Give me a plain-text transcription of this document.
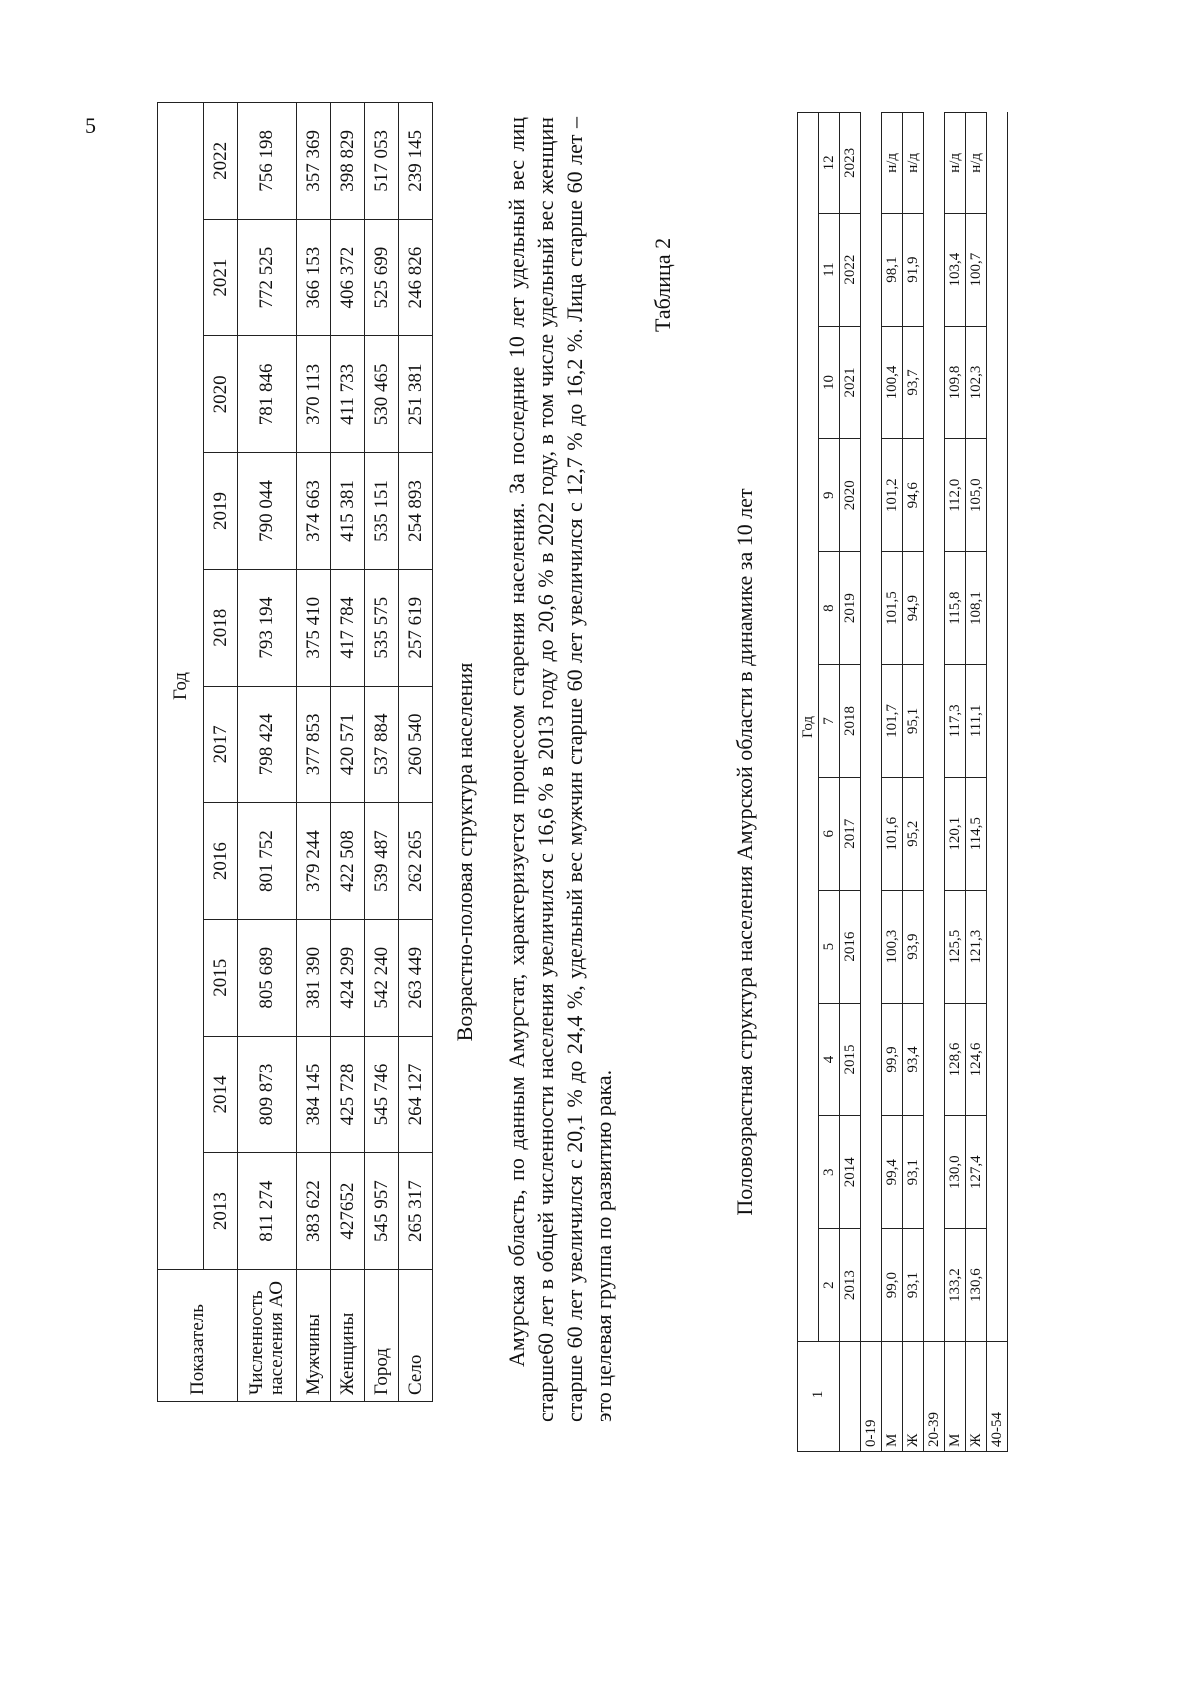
5
Показатель	Год									
	2013	2014	2015	2016	2017	2018	2019	2020	2021	2022
Численность населения АО	811 274	809 873	805 689	801 752	798 424	793 194	790 044	781 846	772 525	756 198
Мужчины	383 622	384 145	381 390	379 244	377 853	375 410	374 663	370 113	366 153	357 369
Женщины	427652	425 728	424 299	422 508	420 571	417 784	415 381	411 733	406 372	398 829
Город	545 957	545 746	542 240	539 487	537 884	535 575	535 151	530 465	525 699	517 053
Село	265 317	264 127	263 449	262 265	260 540	257 619	254 893	251 381	246 826	239 145
Возрастно-половая структура населения Амурская область, по данным Амурстат, характеризуется процессом старения населения. За последние 10 лет удельный вес лиц старше60 лет в общей численности населения увеличился с 16,6 % в 2013 году до 20,6 % в 2022 году, в том числе удельный вес женщин старше 60 лет увеличился с 20,1 % до 24,4 %, удельный вес мужчин старше 60 лет увеличился с 12,7 % до 16,2 %. Лица старше 60 лет – это целевая группа по развитию рака.
Таблица 2
Половозрастная структура населения Амурской области в динамике за 10 лет
1	Год										
	2	3	4	5	6	7	8	9	10	11	12
	2013	2014	2015	2016	2017	2018	2019	2020	2021	2022	2023
0-19											
М	99,0	99,4	99,9	100,3	101,6	101,7	101,5	101,2	100,4	98,1	н/д
Ж	93,1	93,1	93,4	93,9	95,2	95,1	94,9	94,6	93,7	91,9	н/д
20-39											
М	133,2	130,0	128,6	125,5	120,1	117,3	115,8	112,0	109,8	103,4	н/д
Ж	130,6	127,4	124,6	121,3	114,5	111,1	108,1	105,0	102,3	100,7	н/д
40-54											
